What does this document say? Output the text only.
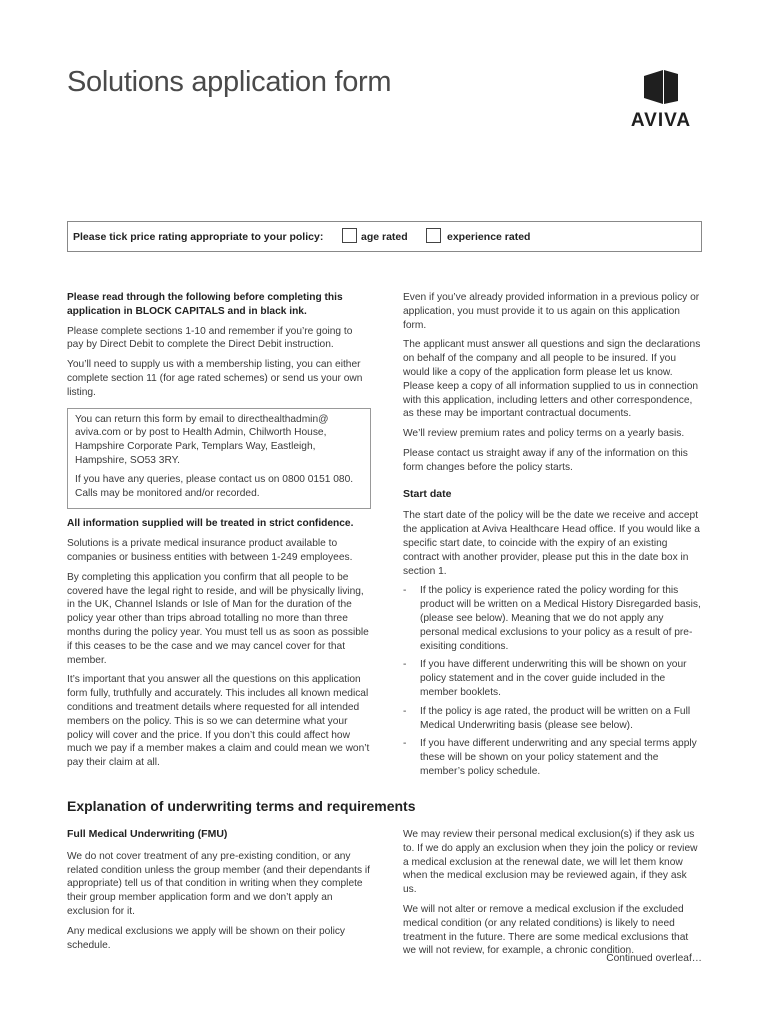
Solutions application form
AVIVA
Please tick price rating appropriate to your policy:	age rated	experience rated

Please read through the following before completing this application in BLOCK CAPITALS and in black ink.

Please complete sections 1-10 and remember if you’re going to pay by Direct Debit to complete the Direct Debit instruction.

You’ll need to supply us with a membership listing, you can either complete section 11 (for age rated schemes) or send us your own listing.

You can return this form by email to directhealthadmin@ aviva.com or by post to Health Admin, Chilworth House, Hampshire Corporate Park, Templars Way, Eastleigh, Hampshire, SO53 3RY.

If you have any queries, please contact us on 0800 0151 080. Calls may be monitored and/or recorded.

All information supplied will be treated in strict confidence.

Solutions is a private medical insurance product available to companies or business entities with between 1-249 employees.

By completing this application you confirm that all people to be covered have the legal right to reside, and will be physically living, in the UK, Channel Islands or Isle of Man for the duration of the policy year other than trips abroad totalling no more than three months during the policy year. You must tell us as soon as possible if this ceases to be the case and we may cancel cover for that member.

It’s important that you answer all the questions on this application form fully, truthfully and accurately. This includes all known medical conditions and treatment details where requested for all intended members on the policy. This is so we can determine what your policy will cover and the price. If you don’t this could affect how much we pay if a member makes a claim and could mean we won’t pay their claim at all.

Even if you’ve already provided information in a previous policy or application, you must provide it to us again on this application form.

The applicant must answer all questions and sign the declarations on behalf of the company and all people to be insured. If you would like a copy of the application form please let us know. Please keep a copy of all information supplied to us in connection with this application, including letters and other correspondence, as these may be important contractual documents.

We’ll review premium rates and policy terms on a yearly basis.

Please contact us straight away if any of the information on this form changes before the policy starts.

Start date

The start date of the policy will be the date we receive and accept the application at Aviva Healthcare Head office. If you would like a specific start date, to coincide with the expiry of an existing contract with another provider, please put this in the date box in section 1.

- If the policy is experience rated the policy wording for this product will be written on a Medical History Disregarded basis, (please see below). Meaning that we do not apply any personal medical exclusions to your policy as a result of pre-exisiting conditions.
- If you have different underwriting this will be shown on your policy statement and in the cover guide included in the member booklets.
- If the policy is age rated, the product will be written on a Full Medical Underwriting basis (please see below).
- If you have different underwriting and any special terms apply these will be shown on your policy statement and the member’s policy schedule.
Explanation of underwriting terms and requirements

Full Medical Underwriting (FMU)

We do not cover treatment of any pre-existing condition, or any related condition unless the group member (and their dependants if appropriate) tell us of that condition in writing when they complete their group member application form and we don’t apply an exclusion for it.

Any medical exclusions we apply will be shown on their policy schedule.

We may review their personal medical exclusion(s) if they ask us to. If we do apply an exclusion when they join the policy or review a medical exclusion at the renewal date, we will let them know when the medical exclusion may be reviewed again, if they ask us.

We will not alter or remove a medical exclusion if the excluded medical condition (or any related conditions) is likely to need treatment in the future. There are some medical exclusions that we will not review, for example, a chronic condition.

Continued overleaf…
